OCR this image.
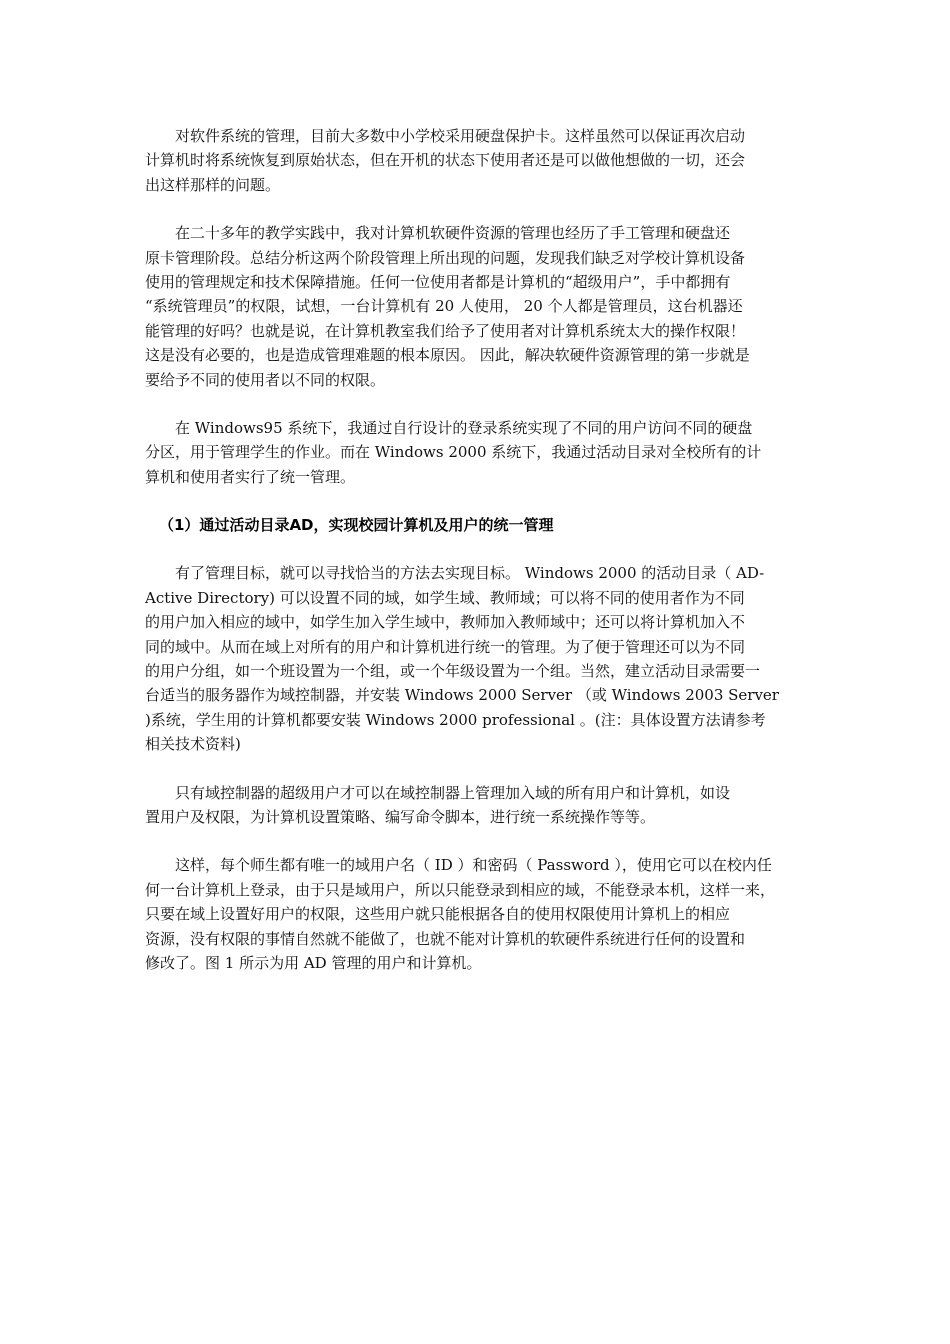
对软件系统的管理，目前大多数中小学校采用硬盘保护卡。这样虽然可以保证再次启动
计算机时将系统恢复到原始状态，但在开机的状态下使用者还是可以做他想做的一切，还会
出这样那样的问题。

在二十多年的教学实践中，我对计算机软硬件资源的管理也经历了手工管理和硬盘还
原卡管理阶段。总结分析这两个阶段管理上所出现的问题，发现我们缺乏对学校计算机设备
使用的管理规定和技术保障措施。任何一位使用者都是计算机的“超级用户”，手中都拥有
“系统管理员”的权限，试想，一台计算机有 20 人使用， 20 个人都是管理员，这台机器还
能管理的好吗？也就是说，在计算机教室我们给予了使用者对计算机系统太大的操作权限！
这是没有必要的，也是造成管理难题的根本原因。 因此，解决软硬件资源管理的第一步就是
要给予不同的使用者以不同的权限。

在 Windows95 系统下，我通过自行设计的登录系统实现了不同的用户访问不同的硬盘
分区，用于管理学生的作业。而在 Windows 2000 系统下，我通过活动目录对全校所有的计
算机和使用者实行了统一管理。

（1）通过活动目录AD，实现校园计算机及用户的统一管理

有了管理目标，就可以寻找恰当的方法去实现目标。 Windows 2000 的活动目录（ AD-
Active Directory) 可以设置不同的域，如学生域、教师域；可以将不同的使用者作为不同
的用户加入相应的域中，如学生加入学生域中，教师加入教师域中；还可以将计算机加入不
同的域中。从而在域上对所有的用户和计算机进行统一的管理。为了便于管理还可以为不同
的用户分组，如一个班设置为一个组，或一个年级设置为一个组。当然，建立活动目录需要一
台适当的服务器作为域控制器，并安装 Windows 2000 Server （或 Windows 2003 Server
)系统，学生用的计算机都要安装 Windows 2000 professional 。(注：具体设置方法请参考
相关技术资料)

只有域控制器的超级用户才可以在域控制器上管理加入域的所有用户和计算机，如设
置用户及权限，为计算机设置策略、编写命令脚本，进行统一系统操作等等。

这样，每个师生都有唯一的域用户名（ ID ）和密码（ Password ），使用它可以在校内任
何一台计算机上登录，由于只是域用户，所以只能登录到相应的域，不能登录本机，这样一来，
只要在域上设置好用户的权限，这些用户就只能根据各自的使用权限使用计算机上的相应
资源，没有权限的事情自然就不能做了，也就不能对计算机的软硬件系统进行任何的设置和
修改了。图 1 所示为用 AD 管理的用户和计算机。
